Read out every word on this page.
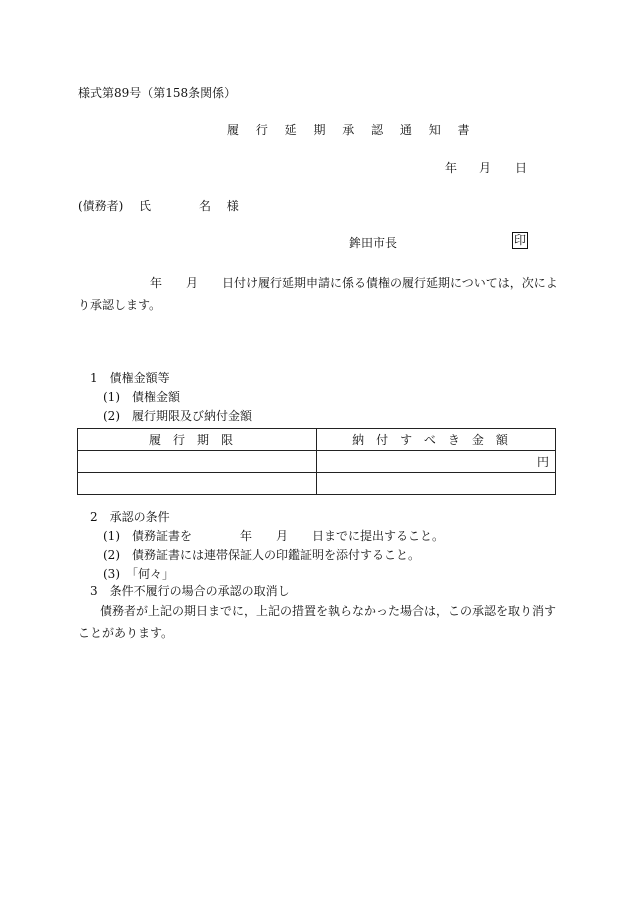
様式第89号（第158条関係）
履 行 延 期 承 認 通 知 書
年 月 日
(債務者) 氏　　　　名 様
鉾田市長	印
　　　　　　年　　月　　日付け履行延期申請に係る債権の履行延期については，次により承認します。
1　債権金額等
(1)　債権金額
(2)　履行期限及び納付金額
履行期限	納付すべき金額
	円

2　承認の条件
(1)　債務証書を　　　　年　　月　　日までに提出すること。
(2)　債務証書には連帯保証人の印鑑証明を添付すること。
(3)　「何々」
3　条件不履行の場合の承認の取消し
債務者が上記の期日までに，上記の措置を執らなかった場合は，この承認を取り消すことがあります。
